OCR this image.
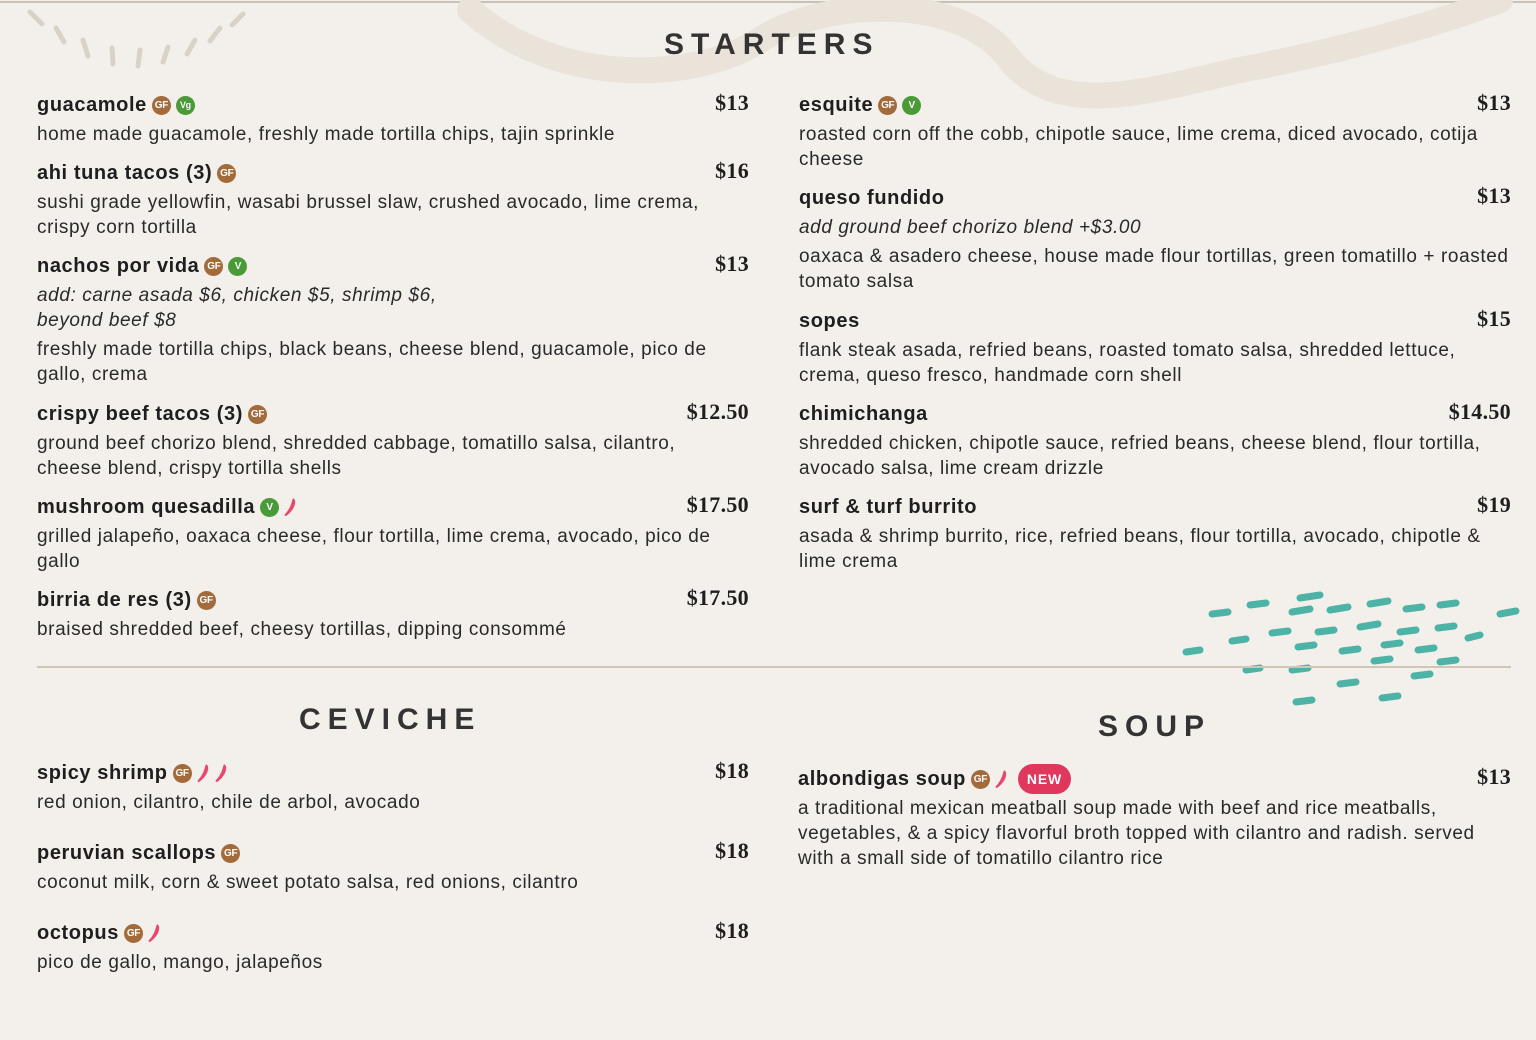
STARTERS
guacamole GF	Vg	$13
home made guacamole, freshly made tortilla chips, tajin sprinkle
ahi tuna tacos (3) GF	$16
sushi grade yellowfin, wasabi brussel slaw, crushed avocado, lime crema, crispy corn tortilla
nachos por vida GF	V	$13
add: carne asada $6, chicken $5, shrimp $6, beyond beef $8
freshly made tortilla chips, black beans, cheese blend, guacamole, pico de gallo, crema
crispy beef tacos (3) GF	$12.50
ground beef chorizo blend, shredded cabbage, tomatillo salsa, cilantro, cheese blend, crispy tortilla shells
mushroom quesadilla	V	$17.50
grilled jalapeño, oaxaca cheese, flour tortilla, lime crema, avocado, pico de gallo
birria de res (3) GF	$17.50
braised shredded beef, cheesy tortillas, dipping consommé
esquite GF	V	$13
roasted corn off the cobb, chipotle sauce, lime crema, diced avocado, cotija cheese
queso fundido	$13
add ground beef chorizo blend +$3.00
oaxaca & asadero cheese, house made flour tortillas, green tomatillo + roasted tomato salsa
sopes	$15
flank steak asada, refried beans, roasted tomato salsa, shredded lettuce, crema, queso fresco, handmade corn shell
chimichanga	$14.50
shredded chicken, chipotle sauce, refried beans, cheese blend, flour tortilla, avocado salsa, lime cream drizzle
surf & turf burrito	$19
asada & shrimp burrito, rice, refried beans, flour tortilla, avocado, chipotle & lime crema
CEVICHE
spicy shrimp GF	$18
red onion, cilantro, chile de arbol, avocado
peruvian scallops GF	$18
coconut milk, corn & sweet potato salsa, red onions, cilantro
octopus GF	$18
pico de gallo, mango, jalapeños
SOUP
albondigas soup GF	NEW	$13
a traditional mexican meatball soup made with beef and rice meatballs, vegetables, & a spicy flavorful broth topped with cilantro and radish. served with a small side of tomatillo cilantro rice
